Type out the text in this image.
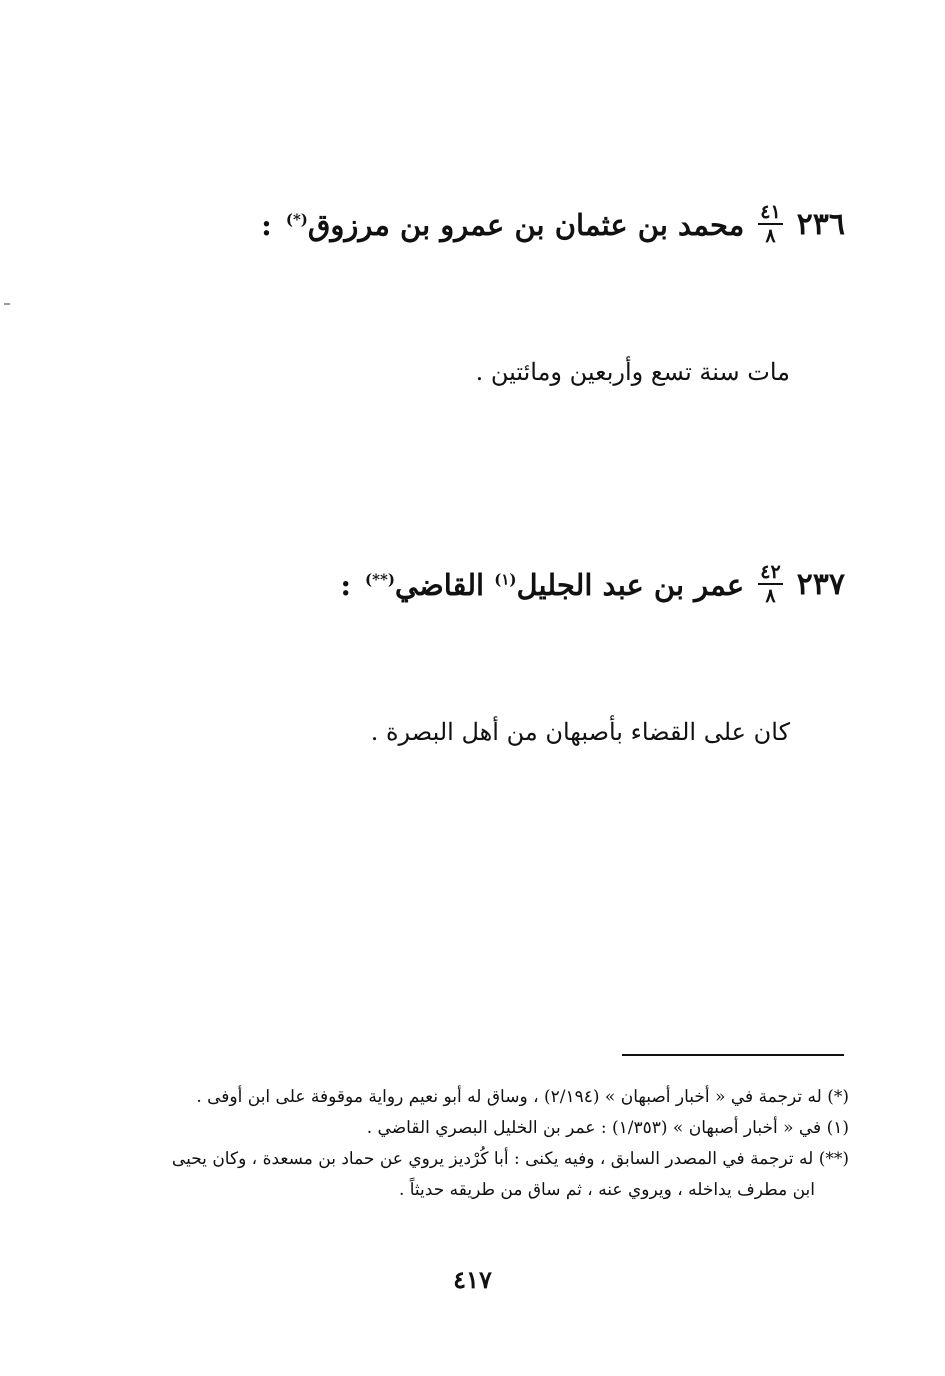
٢٣٦
$\frac{٤١}{٨}$
محمد بن عثمان بن عمرو بن مرزوق(*)
:
مات سنة تسع وأربعين ومائتين .
٢٣٧
$\frac{٤٢}{٨}$
عمر بن عبد الجليل$^{(١)}$ القاضي(**)
:
كان على القضاء بأصبهان من أهل البصرة .
(*) له ترجمة في « أخبار أصبهان » (٢/١٩٤) ، وساق له أبو نعيم رواية موقوفة على ابن أوفى .
(١) في « أخبار أصبهان » (١/٣٥٣) : عمر بن الخليل البصري القاضي .
(**) له ترجمة في المصدر السابق ، وفيه يكنى : أبا كُرْديز يروي عن حماد بن مسعدة ، وكان يحيى
ابن مطرف يداخله ، ويروي عنه ، ثم ساق من طريقه حديثاً .
٤١٧
